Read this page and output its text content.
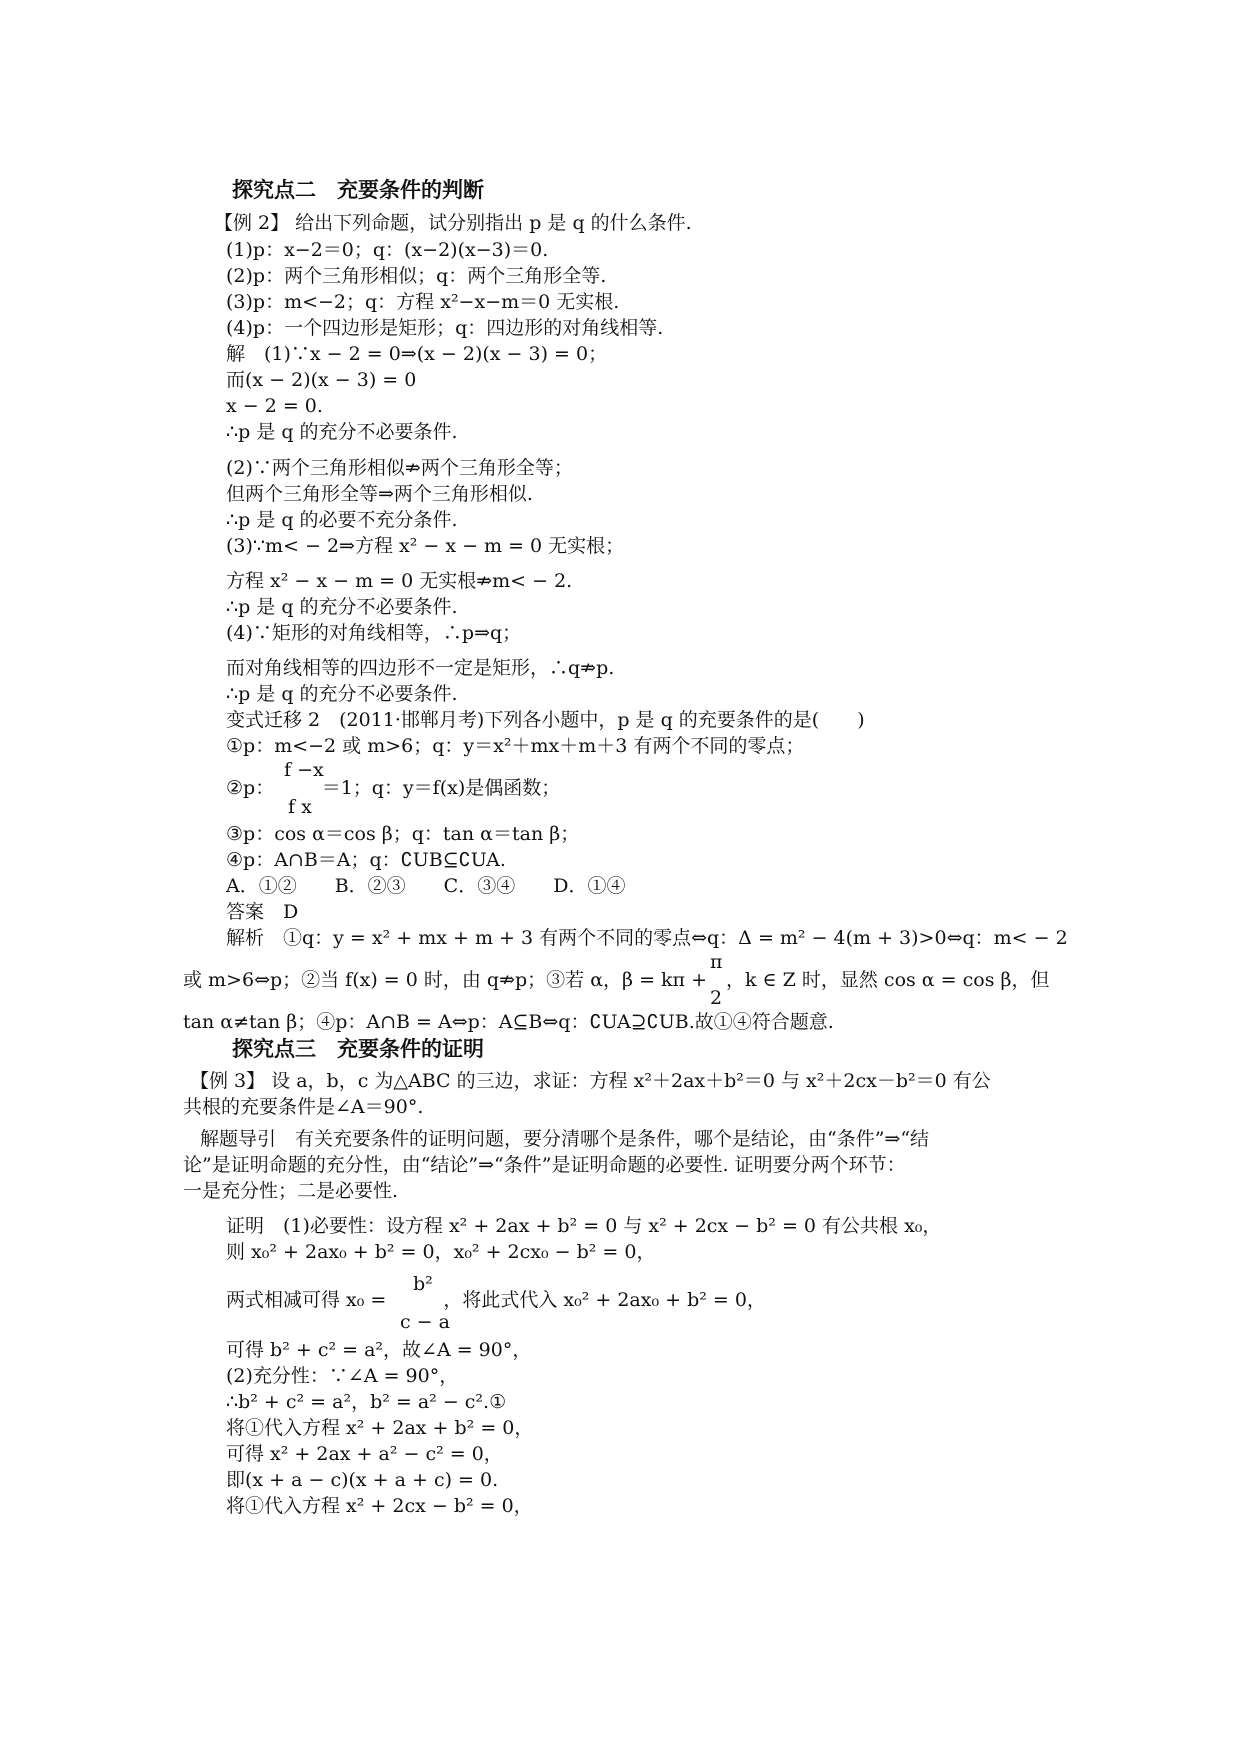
探究点二　充要条件的判断
【例 2】 给出下列命题，试分别指出 p 是 q 的什么条件.
(1)p：x−2＝0；q：(x−2)(x−3)＝0.
(2)p：两个三角形相似；q：两个三角形全等.
(3)p：m<−2；q：方程 x²−x−m＝0 无实根.
(4)p：一个四边形是矩形；q：四边形的对角线相等.
解　(1)∵x − 2 = 0⇒(x − 2)(x − 3) = 0；
而(x − 2)(x − 3) = 0
x − 2 = 0.
∴p 是 q 的充分不必要条件.
(2)∵两个三角形相似⇏两个三角形全等；
但两个三角形全等⇒两个三角形相似.
∴p 是 q 的必要不充分条件.
(3)∵m< − 2⇒方程 x² − x − m = 0 无实根；
方程 x² − x − m = 0 无实根⇏m< − 2.
∴p 是 q 的充分不必要条件.
(4)∵矩形的对角线相等，∴p⇒q；
而对角线相等的四边形不一定是矩形，∴q⇏p.
∴p 是 q 的充分不必要条件.
变式迁移 2　(2011·邯郸月考)下列各小题中，p 是 q 的充要条件的是(　　)
①p：m<−2 或 m>6；q：y＝x²＋mx＋m＋3 有两个不同的零点；
f −x
②p：　　　＝1；q：y＝f(x)是偶函数；
f x
③p：cos α＝cos β；q：tan α＝tan β；
④p：A∩B＝A；q：∁UB⊆∁UA.
A．①②　　B．②③　　C．③④　　D．①④
答案　D
解析　①q：y = x² + mx + m + 3 有两个不同的零点⇔q：Δ = m² − 4(m + 3)>0⇔q：m< − 2
π
或 m>6⇔p；②当 f(x) = 0 时，由 q⇏p；③若 α，β = kπ +　，k ∈ Z 时，显然 cos α = cos β，但
2
tan α≠tan β；④p：A∩B = A⇔p：A⊆B⇔q：∁UA⊇∁UB.故①④符合题意.
探究点三　充要条件的证明
【例 3】 设 a，b，c 为△ABC 的三边，求证：方程 x²＋2ax＋b²＝0 与 x²＋2cx－b²＝0 有公
共根的充要条件是∠A＝90°.
解题导引　有关充要条件的证明问题，要分清哪个是条件，哪个是结论，由“条件”⇒“结
论”是证明命题的充分性，由“结论”⇒“条件”是证明命题的必要性. 证明要分两个环节：
一是充分性；二是必要性.
证明　(1)必要性：设方程 x² + 2ax + b² = 0 与 x² + 2cx − b² = 0 有公共根 x₀，
则 x₀² + 2ax₀ + b² = 0，x₀² + 2cx₀ − b² = 0，
b²
两式相减可得 x₀ =　　　，将此式代入 x₀² + 2ax₀ + b² = 0，
c − a
可得 b² + c² = a²，故∠A = 90°，
(2)充分性：∵∠A = 90°，
∴b² + c² = a²，b² = a² − c².①
将①代入方程 x² + 2ax + b² = 0，
可得 x² + 2ax + a² − c² = 0，
即(x + a − c)(x + a + c) = 0.
将①代入方程 x² + 2cx − b² = 0，
